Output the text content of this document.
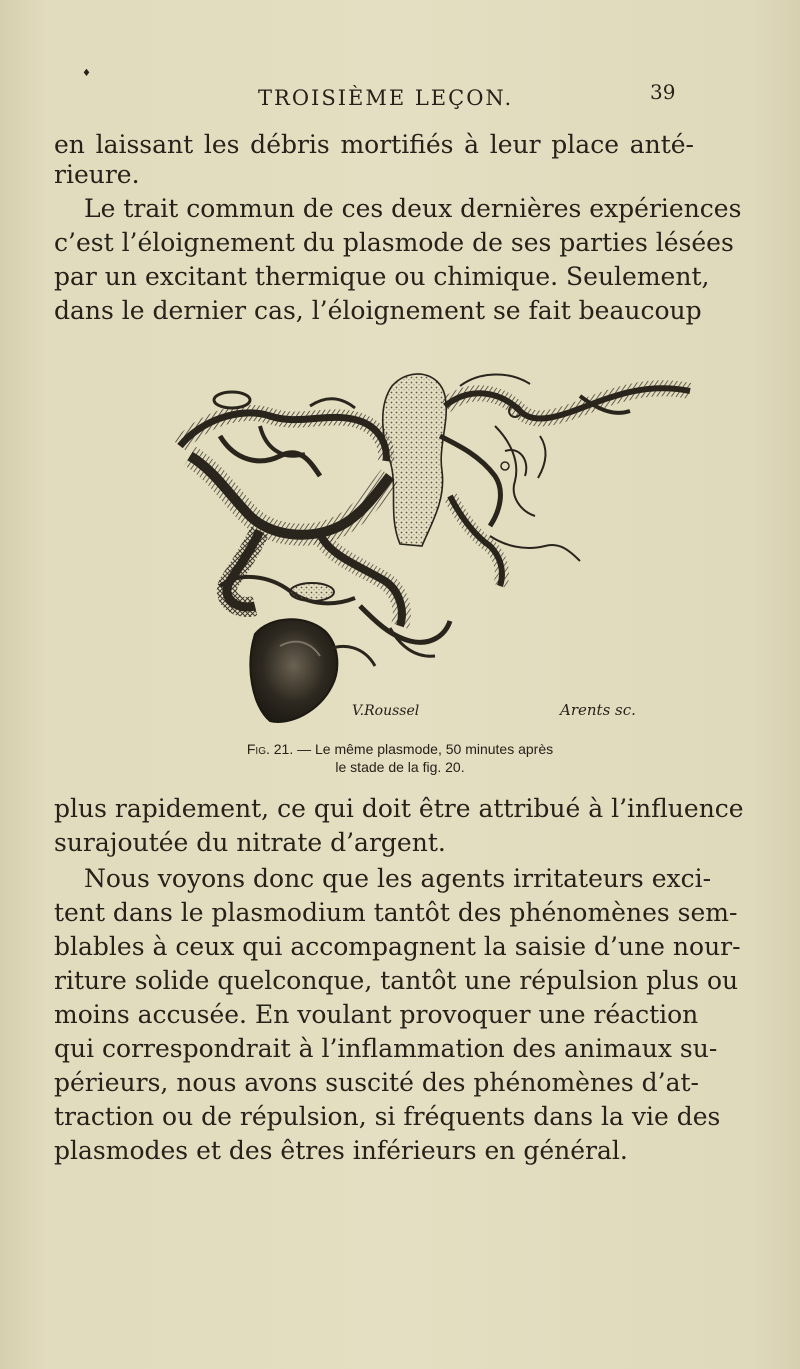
♦
TROISIÈME LEÇON.	39
en laissant les débris mortifiés à leur place anté-
rieure.
Le trait commun de ces deux dernières expériences
c’est l’éloignement du plasmode de ses parties lésées
par un excitant thermique ou chimique. Seulement,
dans le dernier cas, l’éloignement se fait beaucoup
V.Roussel	Arents sc.
Fig. 21. — Le même plasmode, 50 minutes après
le stade de la fig. 20.
plus rapidement, ce qui doit être attribué à l’influence
surajoutée du nitrate d’argent.
Nous voyons donc que les agents irritateurs exci-
tent dans le plasmodium tantôt des phénomènes sem-
blables à ceux qui accompagnent la saisie d’une nour-
riture solide quelconque, tantôt une répulsion plus ou
moins accusée. En voulant provoquer une réaction
qui correspondrait à l’inflammation des animaux su-
périeurs, nous avons suscité des phénomènes d’at-
traction ou de répulsion, si fréquents dans la vie des
plasmodes et des êtres inférieurs en général.
